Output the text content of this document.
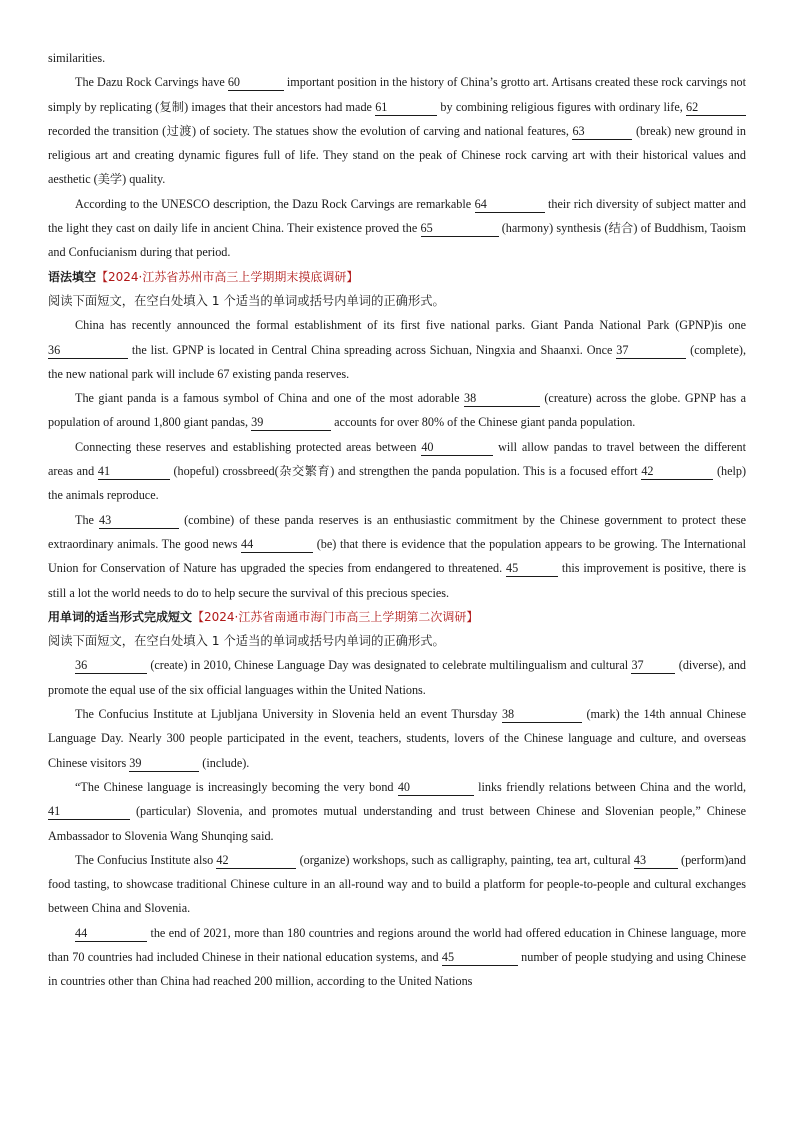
similarities.

The Dazu Rock Carvings have 60	important position in the history of China’s grotto art. Artisans created these rock carvings not simply by replicating (复制) images that their ancestors had made 61	by combining religious figures with ordinary life, 62 recorded the transition (过渡) of society. The statues show the evolution of carving and national features, 63	(break) new ground in religious art and creating dynamic figures full of life. They stand on the peak of Chinese rock carving art with their historical values and aesthetic (美学) quality.

According to the UNESCO description, the Dazu Rock Carvings are remarkable 64	their rich diversity of subject matter and the light they cast on daily life in ancient China. Their existence proved the 65	(harmony) synthesis (结合) of Buddhism, Taoism and Confucianism during that period.

语法填空【2024·江苏省苏州市高三上学期期末摸底调研】

阅读下面短文，在空白处填入 1 个适当的单词或括号内单词的正确形式。

China has recently announced the formal establishment of its first five national parks. Giant Panda National Park (GPNP)is one 36	the list. GPNP is located in Central China spreading across Sichuan, Ningxia and Shaanxi. Once 37	(complete), the new national park will include 67 existing panda reserves.

The giant panda is a famous symbol of China and one of the most adorable 38	(creature) across the globe. GPNP has a population of around 1,800 giant pandas, 39	accounts for over 80% of the Chinese giant panda population.

Connecting these reserves and establishing protected areas between 40	will allow pandas to travel between the different areas and 41	(hopeful) crossbreed(杂交繁育) and strengthen the panda population. This is a focused effort 42	(help) the animals reproduce.

The 43	(combine) of these panda reserves is an enthusiastic commitment by the Chinese government to protect these extraordinary animals. The good news 44	(be) that there is evidence that the population appears to be growing. The International Union for Conservation of Nature has upgraded the species from endangered to threatened. 45	this improvement is positive, there is still a lot the world needs to do to help secure the survival of this precious species.

用单词的适当形式完成短文【2024·江苏省南通市海门市高三上学期第二次调研】

阅读下面短文，在空白处填入 1 个适当的单词或括号内单词的正确形式。

36	(create) in 2010, Chinese Language Day was designated to celebrate multilingualism and cultural 37	(diverse), and promote the equal use of the six official languages within the United Nations.

The Confucius Institute at Ljubljana University in Slovenia held an event Thursday 38	(mark) the 14th annual Chinese Language Day. Nearly 300 people participated in the event, teachers, students, lovers of the Chinese language and culture, and overseas Chinese visitors 39	(include).

“The Chinese language is increasingly becoming the very bond 40	links friendly relations between China and the world, 41	(particular) Slovenia, and promotes mutual understanding and trust between Chinese and Slovenian people,” Chinese Ambassador to Slovenia Wang Shunqing said.

The Confucius Institute also 42	(organize) workshops, such as calligraphy, painting, tea art, cultural 43	(perform)and food tasting, to showcase traditional Chinese culture in an all-round way and to build a platform for people-to-people and cultural exchanges between China and Slovenia.

44	the end of 2021, more than 180 countries and regions around the world had offered education in Chinese language, more than 70 countries had included Chinese in their national education systems, and 45	number of people studying and using Chinese in countries other than China had reached 200 million, according to the United Nations
